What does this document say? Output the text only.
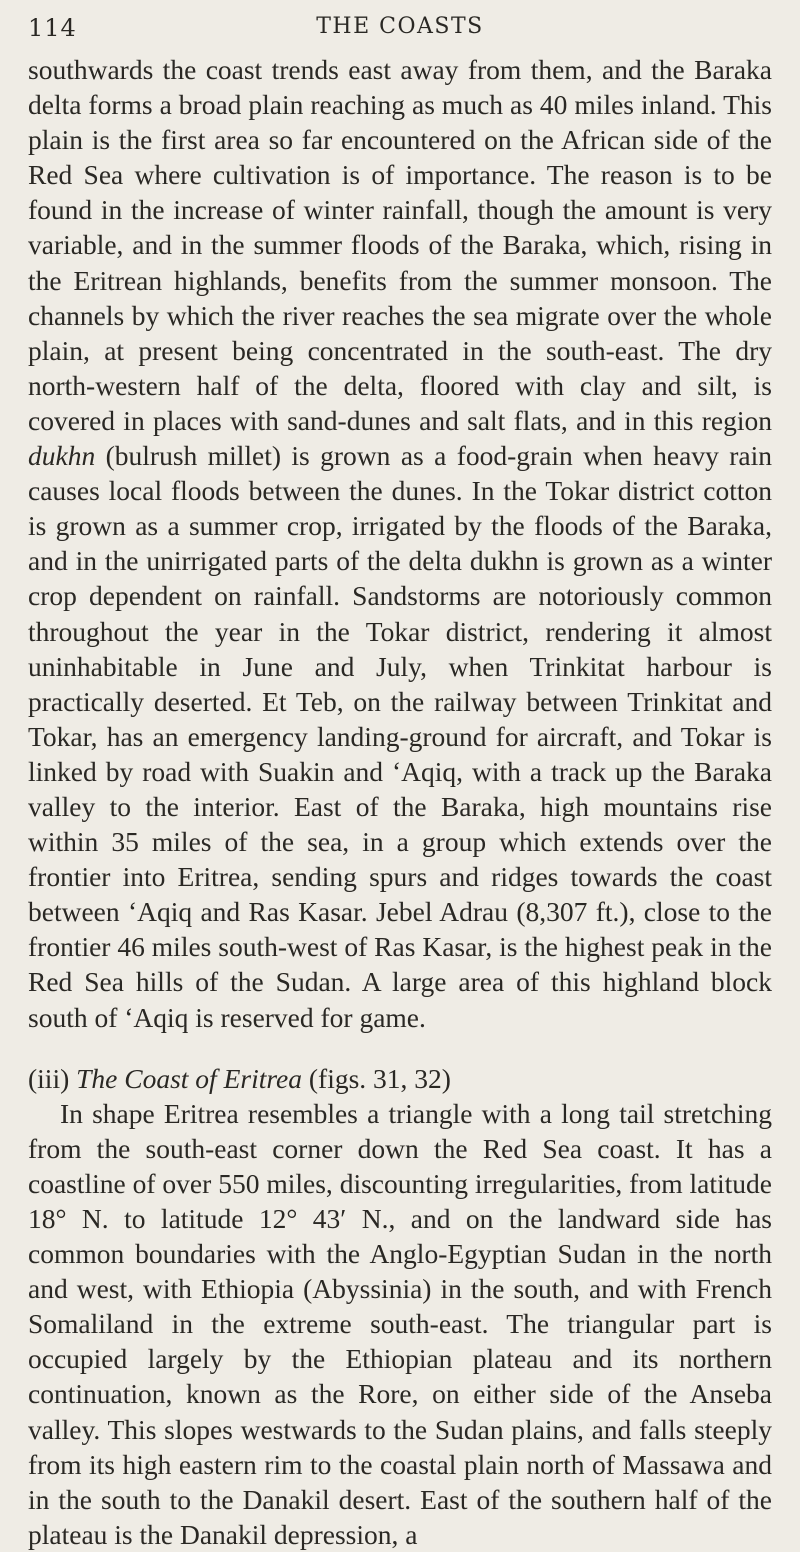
114	THE COASTS

southwards the coast trends east away from them, and the Baraka delta forms a broad plain reaching as much as 40 miles inland. This plain is the first area so far encountered on the African side of the Red Sea where cultivation is of importance. The reason is to be found in the increase of winter rainfall, though the amount is very variable, and in the summer floods of the Baraka, which, rising in the Eritrean highlands, benefits from the summer monsoon. The channels by which the river reaches the sea migrate over the whole plain, at present being concentrated in the south-east. The dry north-western half of the delta, floored with clay and silt, is covered in places with sand-dunes and salt flats, and in this region dukhn (bulrush millet) is grown as a food-grain when heavy rain causes local floods between the dunes. In the Tokar district cotton is grown as a summer crop, irrigated by the floods of the Baraka, and in the unirrigated parts of the delta dukhn is grown as a winter crop dependent on rainfall. Sandstorms are notoriously common throughout the year in the Tokar district, rendering it almost uninhabitable in June and July, when Trinkitat harbour is practically deserted. Et Teb, on the railway between Trinkitat and Tokar, has an emergency landing-ground for aircraft, and Tokar is linked by road with Suakin and ‘Aqiq, with a track up the Baraka valley to the interior. East of the Baraka, high mountains rise within 35 miles of the sea, in a group which extends over the frontier into Eritrea, sending spurs and ridges towards the coast between ‘Aqiq and Ras Kasar. Jebel Adrau (8,307 ft.), close to the frontier 46 miles south-west of Ras Kasar, is the highest peak in the Red Sea hills of the Sudan. A large area of this highland block south of ‘Aqiq is reserved for game.

(iii) The Coast of Eritrea (figs. 31, 32)

In shape Eritrea resembles a triangle with a long tail stretching from the south-east corner down the Red Sea coast. It has a coastline of over 550 miles, discounting irregularities, from latitude 18° N. to latitude 12° 43′ N., and on the landward side has common boundaries with the Anglo-Egyptian Sudan in the north and west, with Ethiopia (Abyssinia) in the south, and with French Somaliland in the extreme south-east. The triangular part is occupied largely by the Ethiopian plateau and its northern continuation, known as the Rore, on either side of the Anseba valley. This slopes westwards to the Sudan plains, and falls steeply from its high eastern rim to the coastal plain north of Massawa and in the south to the Danakil desert. East of the southern half of the plateau is the Danakil depression, a
